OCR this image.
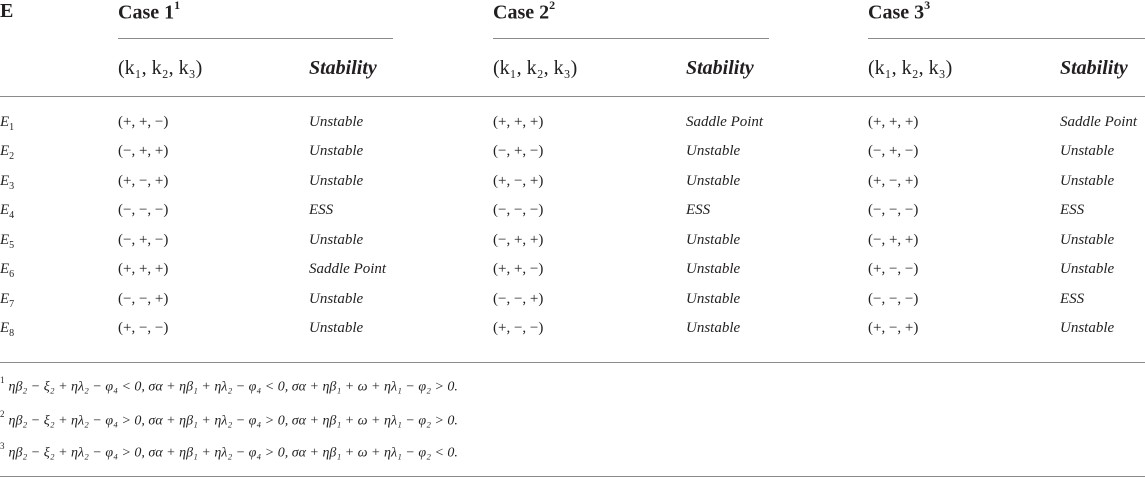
E	Case $1^1$	Case $2^2$	Case $3^3$
(k₁, k₂, k₃)	Stability	(k₁, k₂, k₃)	Stability	(k₁, k₂, k₃)	Stability
$E_1$	(+, +, −)	Unstable	(+, +, +)	Saddle Point	(+, +, +)	Saddle Point
$E_2$	(−, +, +)	Unstable	(−, +, −)	Unstable	(−, +, −)	Unstable
$E_3$	(+, −, +)	Unstable	(+, −, +)	Unstable	(+, −, +)	Unstable
$E_4$	(−, −, −)	ESS	(−, −, −)	ESS	(−, −, −)	ESS
$E_5$	(−, +, −)	Unstable	(−, +, +)	Unstable	(−, +, +)	Unstable
$E_6$	(+, +, +)	Saddle Point	(+, +, −)	Unstable	(+, −, −)	Unstable
$E_7$	(−, −, +)	Unstable	(−, −, +)	Unstable	(−, −, −)	ESS
$E_8$	(+, −, −)	Unstable	(+, −, −)	Unstable	(+, −, +)	Unstable
$^1$ ηβ₂ − ξ₂ + ηλ₂ − φ₄ < 0, σα + ηβ₁ + ηλ₂ − φ₄ < 0, σα + ηβ₁ + ω + ηλ₁ − φ₂ > 0.
$^2$ ηβ₂ − ξ₂ + ηλ₂ − φ₄ > 0, σα + ηβ₁ + ηλ₂ − φ₄ > 0, σα + ηβ₁ + ω + ηλ₁ − φ₂ > 0.
$^3$ ηβ₂ − ξ₂ + ηλ₂ − φ₄ > 0, σα + ηβ₁ + ηλ₂ − φ₄ > 0, σα + ηβ₁ + ω + ηλ₁ − φ₂ < 0.
